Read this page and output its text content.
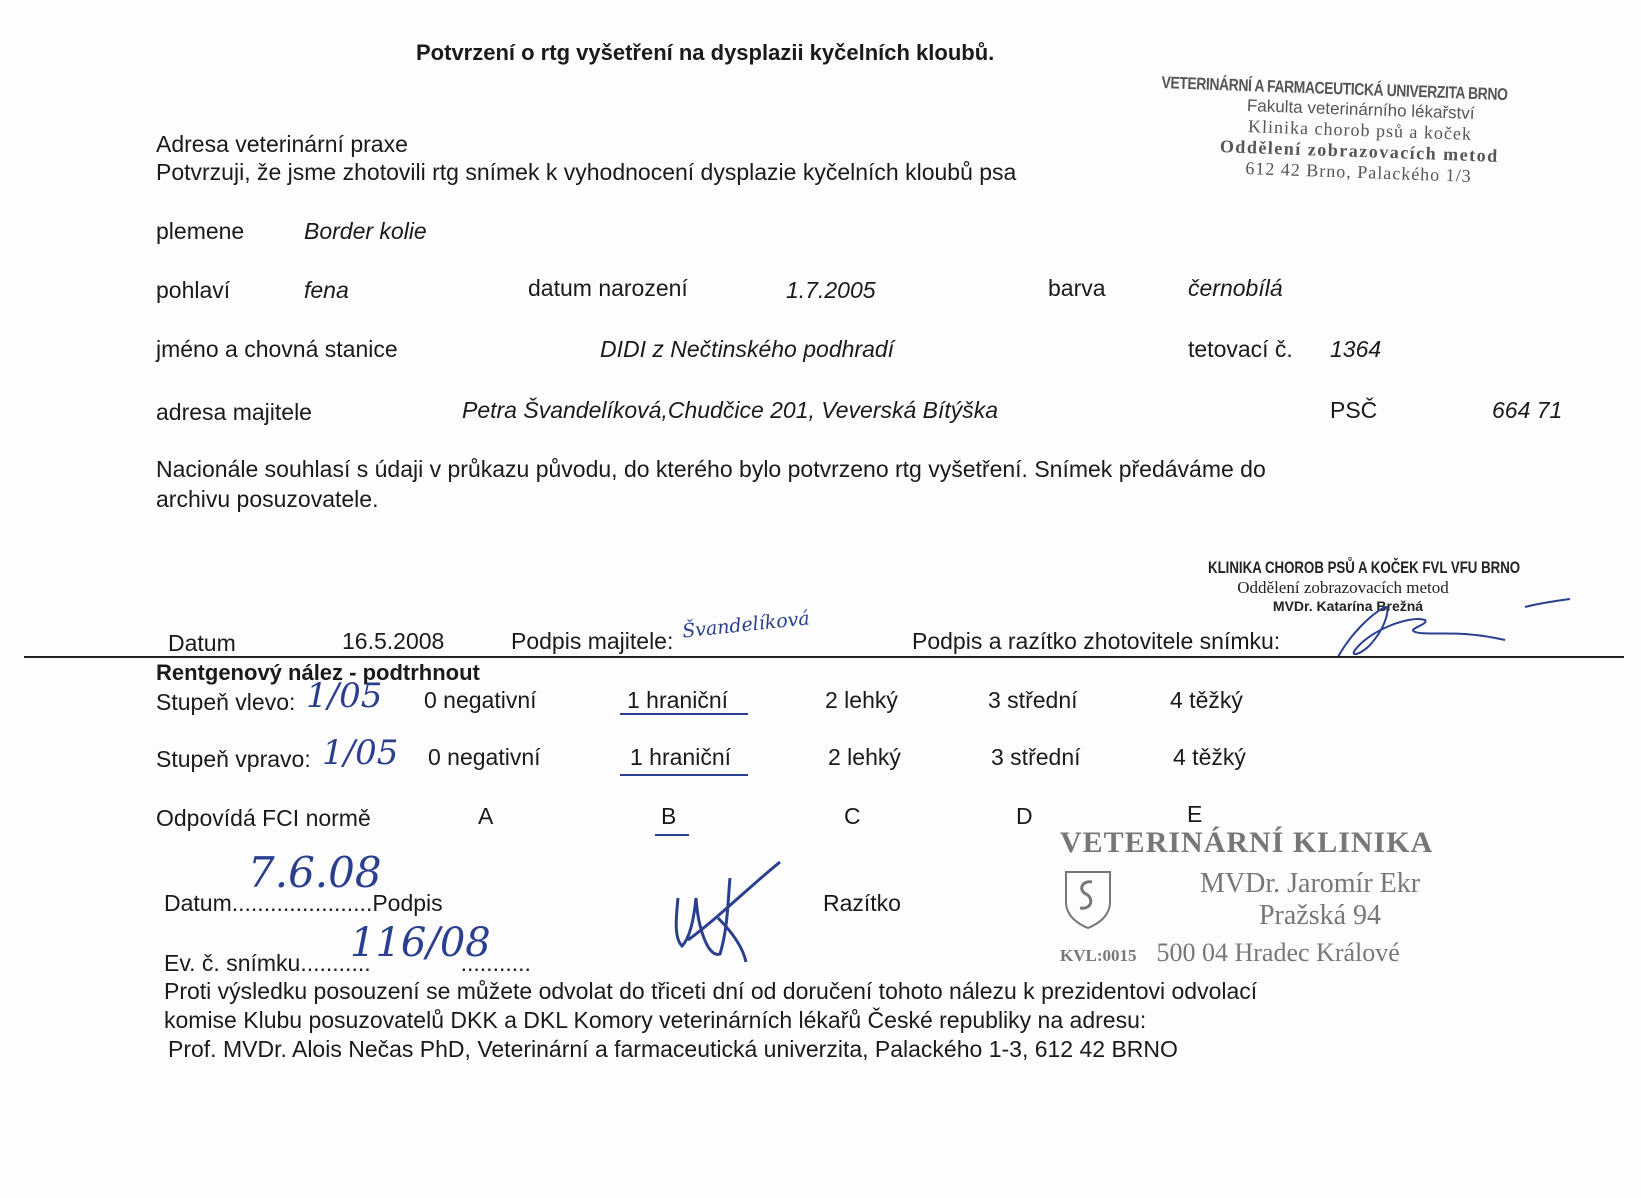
Potvrzení o rtg vyšetření na dysplazii kyčelních kloubů.
VETERINÁRNÍ A FARMACEUTICKÁ UNIVERZITA BRNO
Fakulta veterinárního lékařství
Klinika chorob psů a koček
Oddělení zobrazovacích metod
612 42 Brno, Palackého 1/3
Adresa veterinární praxe
Potvrzuji, že jsme zhotovili rtg snímek k vyhodnocení dysplazie kyčelních kloubů psa
plemene	Border kolie
pohlaví	fena	datum narození	1.7.2005	barva	černobílá
jméno a chovná stanice	DIDI z Nečtinského podhradí	tetovací č. 1364
adresa majitele	Petra Švandelíková,Chudčice 201, Veverská Bítýška	PSČ	664 71
Nacionále souhlasí s údaji v průkazu původu, do kterého bylo potvrzeno rtg vyšetření. Snímek předáváme do
archivu posuzovatele.
KLINIKA CHOROB PSŮ A KOČEK FVL VFU BRNO
Oddělení zobrazovacích metod
MVDr. Katarína Brežná
Datum	16.5.2008	Podpis majitele: Švandelíková	Podpis a razítko zhotovitele snímku:
Rentgenový nález - podtrhnout
Stupeň vlevo: 1/05 0 negativní	1 hraniční	2 lehký	3 střední	4 těžký
Stupeň vpravo: 1/05 0 negativní	1 hraniční	2 lehký	3 střední	4 těžký
Odpovídá FCI normě	A	B	C	D	E
VETERINÁRNÍ KLINIKA
MVDr. Jaromír Ekr
Pražská 94
KVL:0015 500 04 Hradec Králové
Datum......................Podpis
7.6.08
Razítko
Ev. č. snímku...........	...........
116/08
Proti výsledku posouzení se můžete odvolat do třiceti dní od doručení tohoto nálezu k prezidentovi odvolací
komise Klubu posuzovatelů DKK a DKL Komory veterinárních lékařů České republiky na adresu:
Prof. MVDr. Alois Nečas PhD, Veterinární a farmaceutická univerzita, Palackého 1-3, 612 42 BRNO
